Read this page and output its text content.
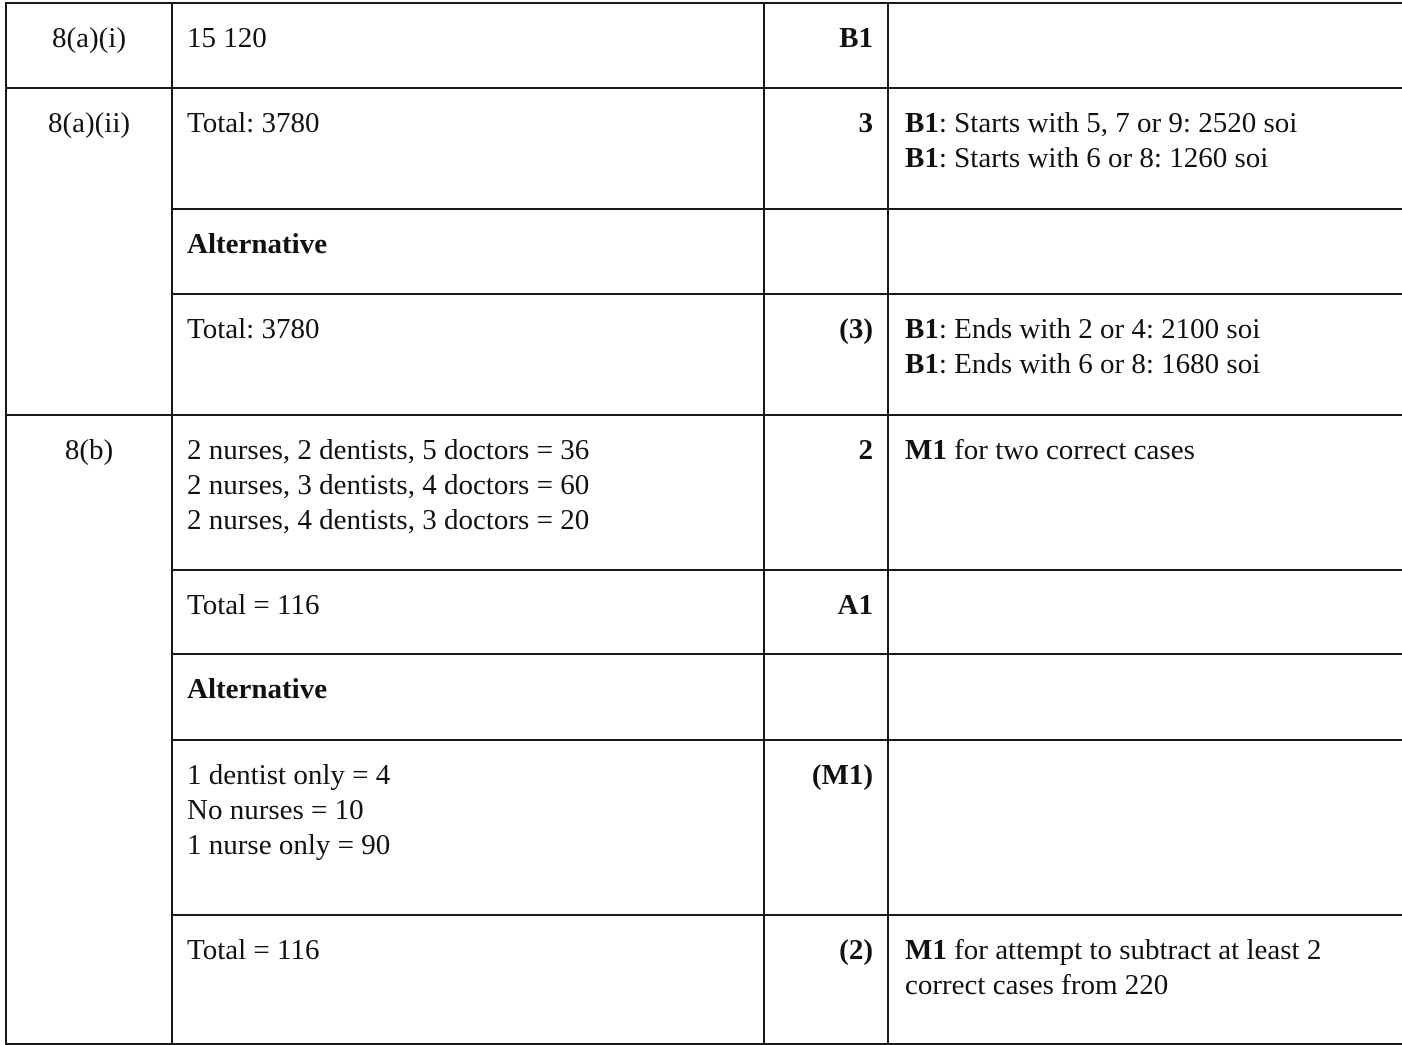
8(a)(i)	15 120	B1	
8(a)(ii)	Total: 3780	3	B1: Starts with 5, 7 or 9: 2520 soi
B1: Starts with 6 or 8: 1260 soi

	Alternative		

	Total: 3780	(3)	B1: Ends with 2 or 4: 2100 soi
B1: Ends with 6 or 8: 1680 soi

8(b)	2 nurses, 2 dentists, 5 doctors = 36
2 nurses, 3 dentists, 4 doctors = 60
2 nurses, 4 dentists, 3 doctors = 20	2	M1 for two correct cases

	Total = 116	A1	
	Alternative		

	1 dentist only = 4
No nurses = 10
1 nurse only = 90	(M1)	

	Total = 116	(2)	M1 for attempt to subtract at least 2
correct cases from 220
